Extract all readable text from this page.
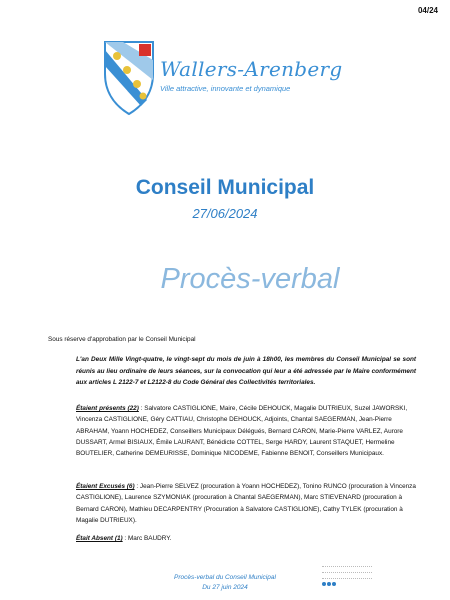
04/24
Wallers-Arenberg
Ville attractive, innovante et dynamique
Conseil Municipal
27/06/2024
Procès-verbal
Sous réserve d'approbation par le Conseil Municipal
L'an Deux Mille Vingt-quatre, le vingt-sept du mois de juin à 18h00, les membres du Conseil Municipal se sont réunis au lieu ordinaire de leurs séances, sur la convocation qui leur a été adressée par le Maire conformément aux articles L 2122-7 et L2122-8 du Code Général des Collectivités territoriales.
Étaient présents (22) : Salvatore CASTIGLIONE, Maire, Cécile DEHOUCK, Magalie DUTRIEUX, Suzel JAWORSKI, Vincenza CASTIGLIONE, Géry CATTIAU, Christophe DEHOUCK, Adjoints, Chantal SAEGERMAN, Jean-Pierre ABRAHAM, Yoann HOCHEDEZ, Conseillers Municipaux Délégués, Bernard CARON, Marie-Pierre VARLEZ, Aurore DUSSART, Armel BISIAUX, Émile LAURANT, Bénédicte COTTEL, Serge HARDY, Laurent STAQUET, Hermeline BOUTELIER, Catherine DEMEURISSE, Dominique NICODEME, Fabienne BENOIT, Conseillers Municipaux.
Étaient Excusés (6) : Jean-Pierre SELVEZ (procuration à Yoann HOCHEDEZ), Tonino RUNCO (procuration à Vincenza CASTIGLIONE), Laurence SZYMONIAK (procuration à Chantal SAEGERMAN), Marc STIEVENARD (procuration à Bernard CARON), Mathieu DECARPENTRY (Procuration à Salvatore CASTIGLIONE), Cathy TYLEK (procuration à Magalie DUTRIEUX).
Était Absent (1) : Marc BAUDRY.
Procès-verbal du Conseil Municipal
Du 27 juin 2024
